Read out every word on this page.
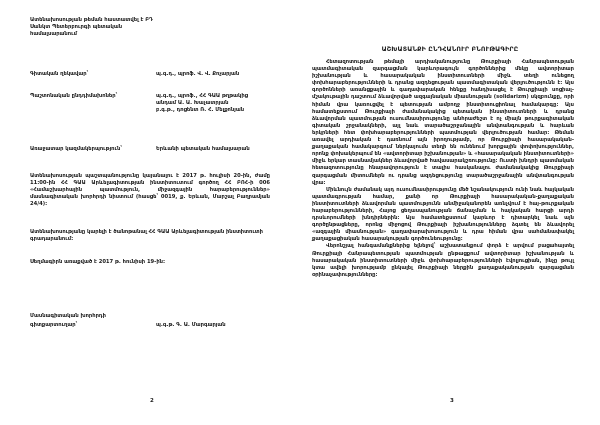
Ատենախոսության թեման հաստատվել է ԲԴ Սանկտ Պետերբուրգի պետական համալսարանում
Գիտական ղեկավար՝	պ.գ.դ., պրոֆ. Վ. Վ. Քոչարյան
Պաշտոնական ընդդիմախոներ՝	պ.գ.դ., պրոֆ., ՀՀ ԳԱԱ թղթակից
անդամ Ա. Ա. Խաչատրյան
բ.գ.թ., դոցենտ Ռ. Հ. Մելքոնյան
Առաջատար կազմակերպություն՝	Երևանի պետական համալսարան
Ատենախոսության պաշտպանությունը կայանալու է 2017 թ. հուլիսի 20-ին, ժամը 11:00-ին ՀՀ ԳԱԱ Արևելագիտության ինստիտուտում գործող ՀՀ ԲՈՀ-ի 006 «Համաշխարհային պատմություն, միջազգային հարաբերություններ» մասնագիտական խորհրդի նիստում (հասցե՝ 0019, ք. Երևան, Մարշալ Բաղրամյան 24/4):
Ատենախոսությանը կարելի է ծանոթանալ ՀՀ ԳԱԱ Արևելագիտության ինստիտուտի գրադարանում:
Սեղմագիրն առաքված է 2017 թ. հունիսի 19-ին:
Մասնագիտական խորհրդի
գիտքարտուղար՝	պ.գ.թ. Գ. Ա. Մարգարյան
2
ԱՇԽԱՏԱՆՔԻ ԸՆԴՀԱՆՈՒՐ ԲՆՈՒԹԱԳԻՐԸ

Հետազոտության թեմայի արդիականությունը Թուրքիայի Հանրապետության պատմագիտական զարգացման կարևորագույն գործոններից մեկը ավտորիտար իշխանության և հասարակական ինստիտուտների միջև տեղի ունեցող փոխհարաբերությունների և դրանց ազդեցության պատմագիտական վերլուծությունն է։ Այս գործոնների առանցքային և գաղափարական հենքը հանդիսացել է Թուրքիայի սոցիալ-մշակութային դաշտում ձևավորված ազգայնական միասնության (solidarizm) սկզբունքը, որի հիման վրա կառուցվել է պետության ամբողջ ինստիտուցիոնալ համակարգը։ Այս համատեքստում Թուրքիայի ժամանակակից պետական ինստիտուտների և դրանց ձևավորման պատմության ուսումնասիրությունը անհրաժեշտ է ոչ միայն թուրքագիտական գիտական շրջանակների, այլ նաև տարածաշրջանային անվտանգության և հարևան երկրների հետ փոխհարաբերությունների պատմության վերլուծության համար։ Թեման առավել արդիական է դառնում այն իրողությամբ, որ Թուրքիայի հասարակական-քաղաքական համակարգում ներկայումս տեղի են ունենում խորքային փոփոխություններ, որոնք փոխակերպում են «ավտորիտար իշխանության» և «հասարակական ինստիտուտների» միջև երկար տասնամյակներ ձևավորված հավասարակշռությունը։ Ուստի խնդրի պատմական հետազոտությունը հնարավորություն է տալիս հասկանալու ժամանակակից Թուրքիայի զարգացման միտումներն ու դրանց ազդեցությունը տարածաշրջանային անվտանգության վրա։

Միևնույն ժամանակ այդ ուսումնասիրությունը մեծ նշանակություն ունի նաև հայկական պատմագրության համար, քանի որ Թուրքիայի հասարակական-քաղաքական ինստիտուտների ձևավորման պատմությունն անմիջականորեն առնչվում է հայ-թուրքական հարաբերությունների, Հայոց ցեղասպանության ճանաչման և հայկական հարցի արդի դրսևորումների խնդիրներին։ Այս համատեքստում կարևոր է դիտարկել նաև այն գործընթացները, որոնց միջոցով Թուրքիայի իշխանությունները ձգտել են ձևավորել «ազգային միասնության» գաղափարախոսություն և դրա հիման վրա սահմանափակել քաղաքացիական հասարակության գործունեությունը։

Վերոնշյալ հանգամանքներից ելնելով՝ աշխատանքում փորձ է արվում բացահայտել Թուրքիայի Հանրապետության պատմության ընթացքում ավտորիտար իշխանության և հասարակական ինստիտուտների միջև փոխհարաբերությունների էվոլյուցիան, ինչը թույլ կտա ավելի խորությամբ ընկալել Թուրքիայի ներքին քաղաքականության զարգացման օրինաչափությունները։

3
